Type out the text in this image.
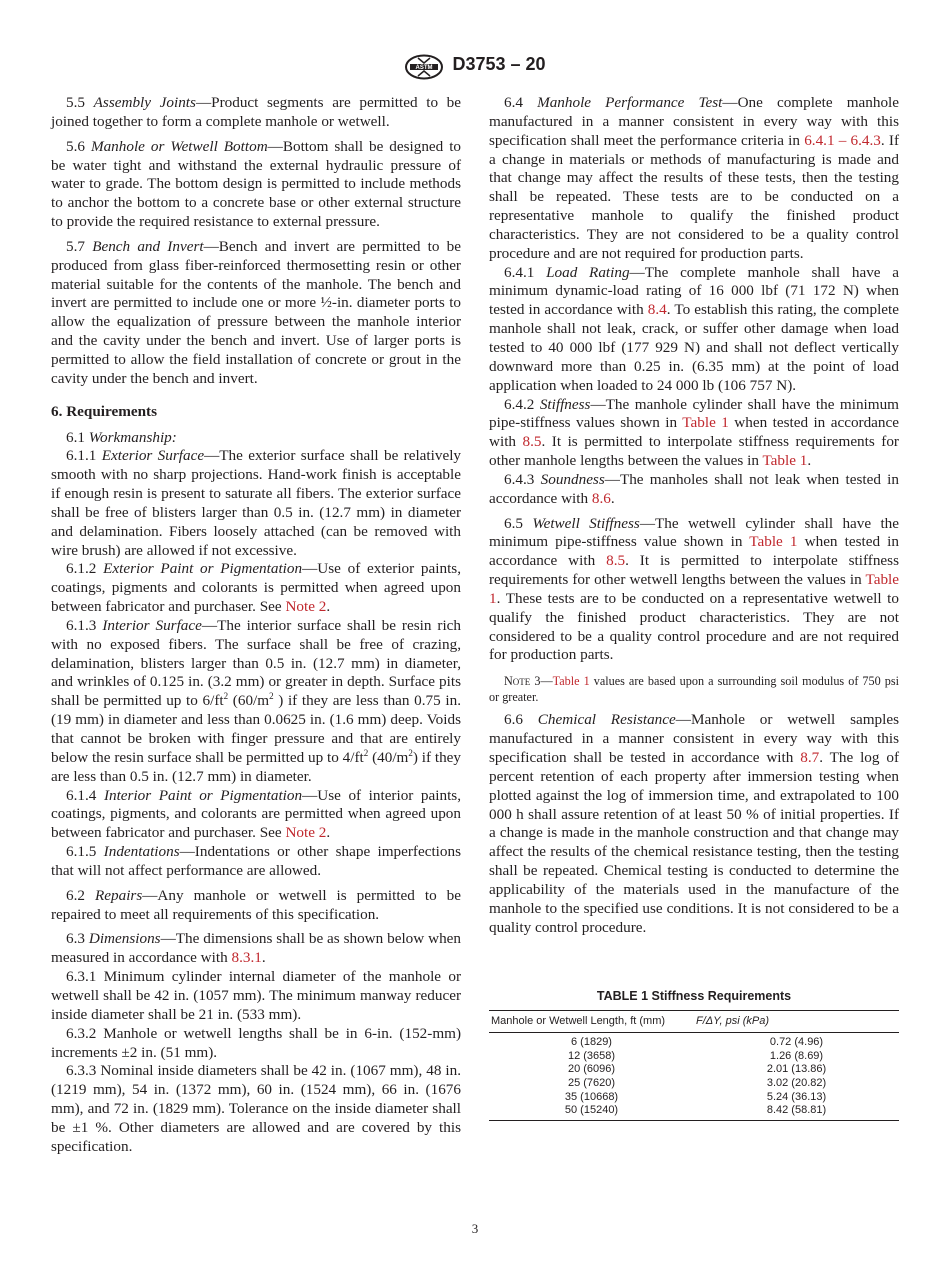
ASTM D3753 – 20

5.5 Assembly Joints—Product segments are permitted to be joined together to form a complete manhole or wetwell.

5.6 Manhole or Wetwell Bottom—Bottom shall be designed to be water tight and withstand the external hydraulic pressure of water to grade. The bottom design is permitted to include methods to anchor the bottom to a concrete base or other external structure to provide the required resistance to external pressure.

5.7 Bench and Invert—Bench and invert are permitted to be produced from glass fiber-reinforced thermosetting resin or other material suitable for the contents of the manhole. The bench and invert are permitted to include one or more ½-in. diameter ports to allow the equalization of pressure between the manhole interior and the cavity under the bench and invert. Use of larger ports is permitted to allow the field installation of concrete or grout in the cavity under the bench and invert.

6. Requirements

6.1 Workmanship:

6.1.1 Exterior Surface—The exterior surface shall be relatively smooth with no sharp projections. Hand-work finish is acceptable if enough resin is present to saturate all fibers. The exterior surface shall be free of blisters larger than 0.5 in. (12.7 mm) in diameter and delamination. Fibers loosely attached (can be removed with wire brush) are allowed if not excessive.

6.1.2 Exterior Paint or Pigmentation—Use of exterior paints, coatings, pigments and colorants is permitted when agreed upon between fabricator and purchaser. See Note 2.

6.1.3 Interior Surface—The interior surface shall be resin rich with no exposed fibers. The surface shall be free of crazing, delamination, blisters larger than 0.5 in. (12.7 mm) in diameter, and wrinkles of 0.125 in. (3.2 mm) or greater in depth. Surface pits shall be permitted up to $6/ft^2$ ($60/m^2$ ) if they are less than 0.75 in. (19 mm) in diameter and less than 0.0625 in. (1.6 mm) deep. Voids that cannot be broken with finger pressure and that are entirely below the resin surface shall be permitted up to $4/ft^2$ $(40/m^2)$ if they are less than 0.5 in. (12.7 mm) in diameter.

6.1.4 Interior Paint or Pigmentation—Use of interior paints, coatings, pigments, and colorants are permitted when agreed upon between fabricator and purchaser. See Note 2.

6.1.5 Indentations—Indentations or other shape imperfections that will not affect performance are allowed.

6.2 Repairs—Any manhole or wetwell is permitted to be repaired to meet all requirements of this specification.

6.3 Dimensions—The dimensions shall be as shown below when measured in accordance with 8.3.1.

6.3.1 Minimum cylinder internal diameter of the manhole or wetwell shall be 42 in. (1057 mm). The minimum manway reducer inside diameter shall be 21 in. (533 mm).

6.3.2 Manhole or wetwell lengths shall be in 6-in. (152-mm) increments ±2 in. (51 mm).

6.3.3 Nominal inside diameters shall be 42 in. (1067 mm), 48 in. (1219 mm), 54 in. (1372 mm), 60 in. (1524 mm), 66 in. (1676 mm), and 72 in. (1829 mm). Tolerance on the inside diameter shall be ±1 %. Other diameters are allowed and are covered by this specification.

6.4 Manhole Performance Test—One complete manhole manufactured in a manner consistent in every way with this specification shall meet the performance criteria in 6.4.1 – 6.4.3. If a change in materials or methods of manufacturing is made and that change may affect the results of these tests, then the testing shall be repeated. These tests are to be conducted on a representative manhole to qualify the finished product characteristics. They are not considered to be a quality control procedure and are not required for production parts.

6.4.1 Load Rating—The complete manhole shall have a minimum dynamic-load rating of 16 000 lbf (71 172 N) when tested in accordance with 8.4. To establish this rating, the complete manhole shall not leak, crack, or suffer other damage when load tested to 40 000 lbf (177 929 N) and shall not deflect vertically downward more than 0.25 in. (6.35 mm) at the point of load application when loaded to 24 000 lb (106 757 N).

6.4.2 Stiffness—The manhole cylinder shall have the minimum pipe-stiffness values shown in Table 1 when tested in accordance with 8.5. It is permitted to interpolate stiffness requirements for other manhole lengths between the values in Table 1.

6.4.3 Soundness—The manholes shall not leak when tested in accordance with 8.6.

6.5 Wetwell Stiffness—The wetwell cylinder shall have the minimum pipe-stiffness value shown in Table 1 when tested in accordance with 8.5. It is permitted to interpolate stiffness requirements for other wetwell lengths between the values in Table 1. These tests are to be conducted on a representative wetwell to qualify the finished product characteristics. They are not considered to be a quality control procedure and are not required for production parts.

Note 3—Table 1 values are based upon a surrounding soil modulus of 750 psi or greater.

6.6 Chemical Resistance—Manhole or wetwell samples manufactured in a manner consistent in every way with this specification shall be tested in accordance with 8.7. The log of percent retention of each property after immersion testing when plotted against the log of immersion time, and extrapolated to 100 000 h shall assure retention of at least 50 % of initial properties. If a change is made in the manhole construction and that change may affect the results of the chemical resistance testing, then the testing shall be repeated. Chemical testing is conducted to determine the applicability of the materials used in the manufacture of the manhole to the specified use conditions. It is not considered to be a quality control procedure.

TABLE 1 Stiffness Requirements
Manhole or Wetwell Length, ft (mm)	F/ΔY, psi (kPa)
6 (1829)	0.72 (4.96)
12 (3658)	1.26 (8.69)
20 (6096)	2.01 (13.86)
25 (7620)	3.02 (20.82)
35 (10668)	5.24 (36.13)
50 (15240)	8.42 (58.81)
3
